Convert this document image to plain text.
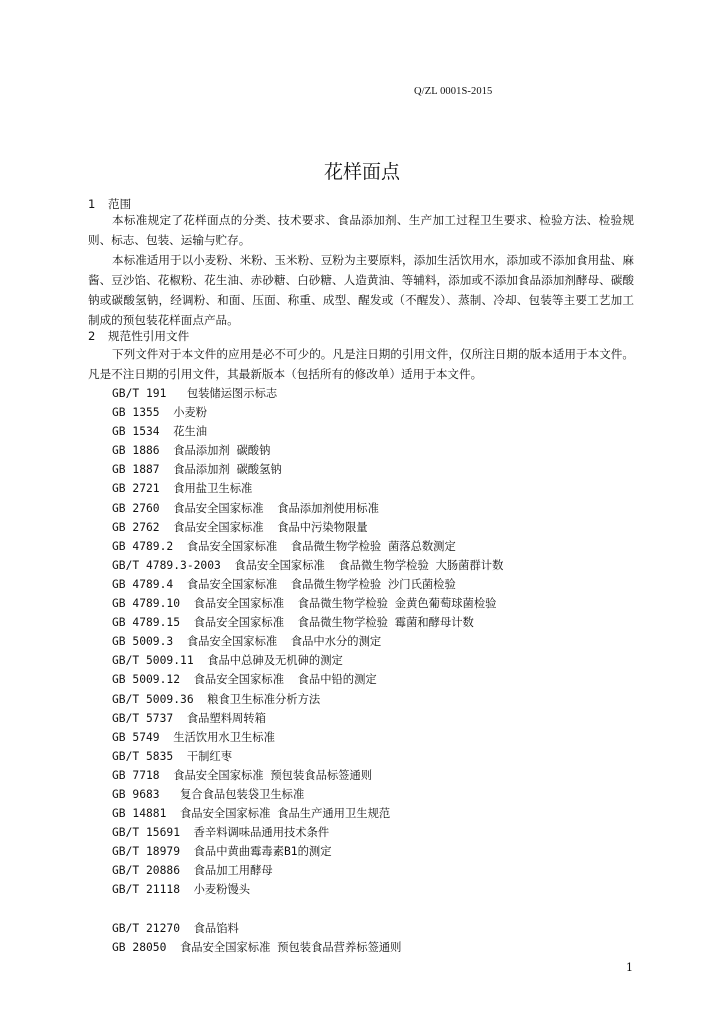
Q/ZL 0001S-2015
花样面点
1 范围

本标准规定了花样面点的分类、技术要求、食品添加剂、生产加工过程卫生要求、检验方法、检验规则、标志、包装、运输与贮存。

本标准适用于以小麦粉、米粉、玉米粉、豆粉为主要原料，添加生活饮用水，添加或不添加食用盐、麻酱、豆沙馅、花椒粉、花生油、赤砂糖、白砂糖、人造黄油、等辅料，添加或不添加食品添加剂酵母、碳酸钠或碳酸氢钠，经调粉、和面、压面、称重、成型、醒发或（不醒发）、蒸制、冷却、包装等主要工艺加工制成的预包装花样面点产品。

2 规范性引用文件

下列文件对于本文件的应用是必不可少的。凡是注日期的引用文件，仅所注日期的版本适用于本文件。凡是不注日期的引用文件，其最新版本（包括所有的修改单）适用于本文件。

GB/T 191   包装储运图示标志
GB 1355  小麦粉
GB 1534  花生油
GB 1886  食品添加剂 碳酸钠
GB 1887  食品添加剂 碳酸氢钠
GB 2721  食用盐卫生标准
GB 2760  食品安全国家标准  食品添加剂使用标准
GB 2762  食品安全国家标准  食品中污染物限量
GB 4789.2  食品安全国家标准  食品微生物学检验 菌落总数测定
GB/T 4789.3-2003  食品安全国家标准  食品微生物学检验 大肠菌群计数
GB 4789.4  食品安全国家标准  食品微生物学检验 沙门氏菌检验
GB 4789.10  食品安全国家标准  食品微生物学检验 金黄色葡萄球菌检验
GB 4789.15  食品安全国家标准  食品微生物学检验 霉菌和酵母计数
GB 5009.3  食品安全国家标准  食品中水分的测定
GB/T 5009.11  食品中总砷及无机砷的测定
GB 5009.12  食品安全国家标准  食品中铅的测定
GB/T 5009.36  粮食卫生标准分析方法
GB/T 5737  食品塑料周转箱
GB 5749  生活饮用水卫生标准
GB/T 5835  干制红枣
GB 7718  食品安全国家标准 预包装食品标签通则
GB 9683   复合食品包装袋卫生标准
GB 14881  食品安全国家标准 食品生产通用卫生规范
GB/T 15691  香辛料调味品通用技术条件
GB/T 18979  食品中黄曲霉毒素B1的测定
GB/T 20886  食品加工用酵母
GB/T 21118  小麦粉馒头
GB/T 21270  食品馅料
GB 28050  食品安全国家标准 预包装食品营养标签通则
1
